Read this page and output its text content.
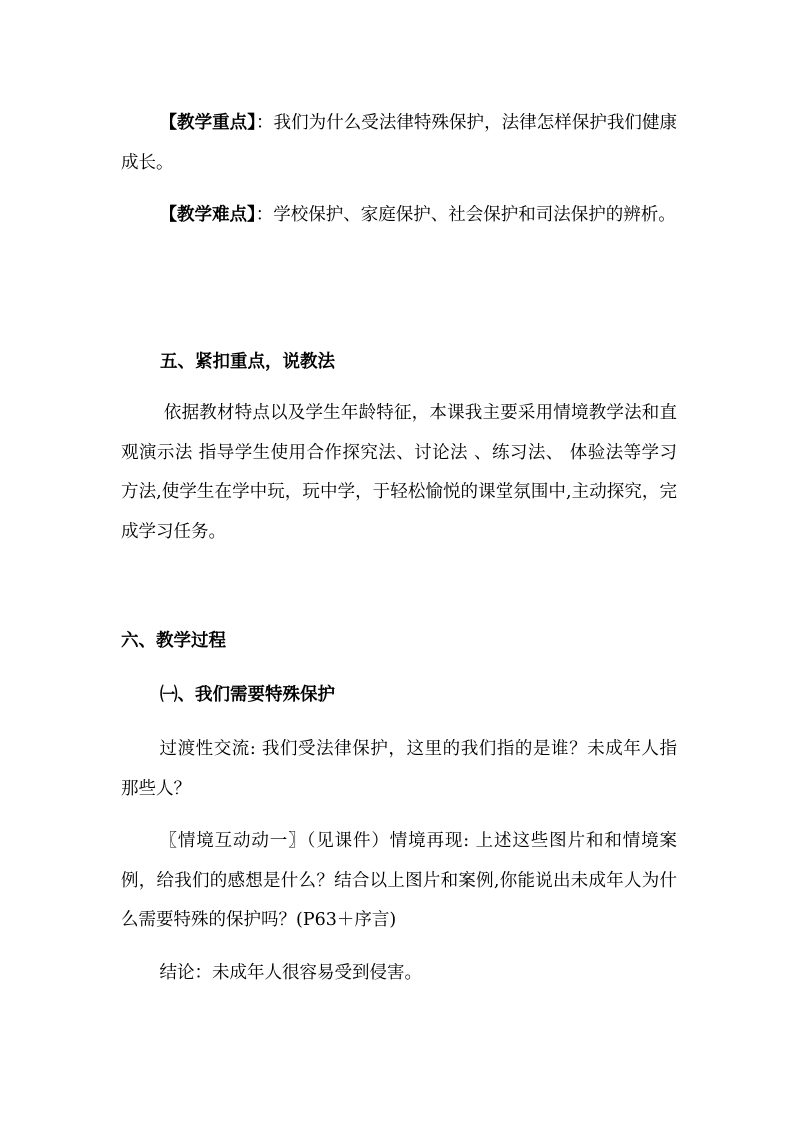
【教学重点】：我们为什么受法律特殊保护，法律怎样保护我们健康成长。

【教学难点】：学校保护、家庭保护、社会保护和司法保护的辨析。

五、紧扣重点，说教法

依据教材特点以及学生年龄特征，本课我主要采用情境教学法和直观演示法 指导学生使用合作探究法、讨论法 、练习法、 体验法等学习方法,使学生在学中玩，玩中学，于轻松愉悦的课堂氛围中,主动探究，完成学习任务。

六、教学过程

㈠、我们需要特殊保护

过渡性交流: 我们受法律保护，这里的我们指的是谁？未成年人指那些人？

〖情境互动动一〗（见课件）情境再现: 上述这些图片和和情境案例，给我们的感想是什么？结合以上图片和案例,你能说出未成年人为什么需要特殊的保护吗？(P63＋序言)

结论：未成年人很容易受到侵害。
